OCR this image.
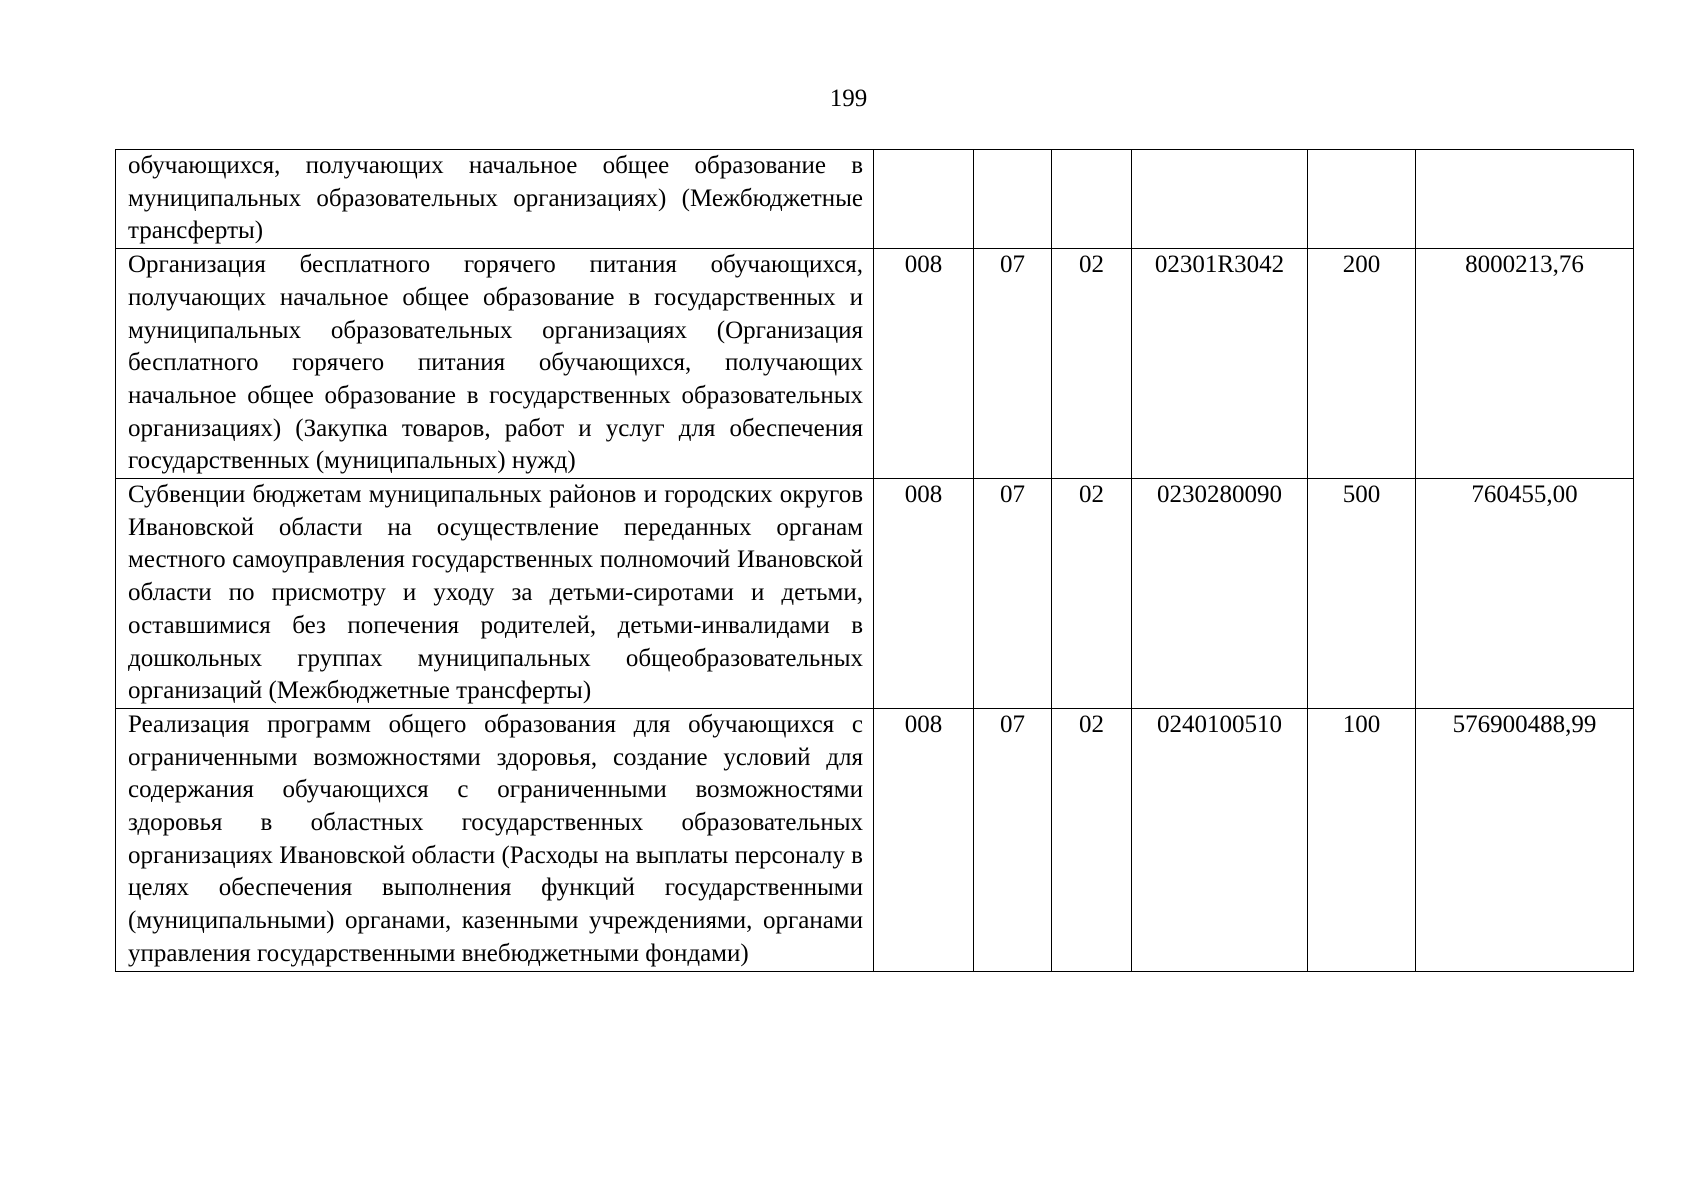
199
обучающихся, получающих начальное общее образование в муниципальных образовательных организациях) (Межбюджетные трансферты)						
Организация бесплатного горячего питания обучающихся, получающих начальное общее образование в государственных и муниципальных образовательных организациях (Организация бесплатного горячего питания обучающихся, получающих начальное общее образование в государственных образовательных организациях) (Закупка товаров, работ и услуг для обеспечения государственных (муниципальных) нужд)	008	07	02	02301R3042	200	8000213,76
Субвенции бюджетам муниципальных районов и городских округов Ивановской области на осуществление переданных органам местного самоуправления государственных полномочий Ивановской области по присмотру и уходу за детьми-сиротами и детьми, оставшимися без попечения родителей, детьми-инвалидами в дошкольных группах муниципальных общеобразовательных организаций (Межбюджетные трансферты)	008	07	02	0230280090	500	760455,00
Реализация программ общего образования для обучающихся с ограниченными возможностями здоровья, создание условий для содержания обучающихся с ограниченными возможностями здоровья в областных государственных образовательных организациях Ивановской области (Расходы на выплаты персоналу в целях обеспечения выполнения функций государственными (муниципальными) органами, казенными учреждениями, органами управления государственными внебюджетными фондами)	008	07	02	0240100510	100	576900488,99
